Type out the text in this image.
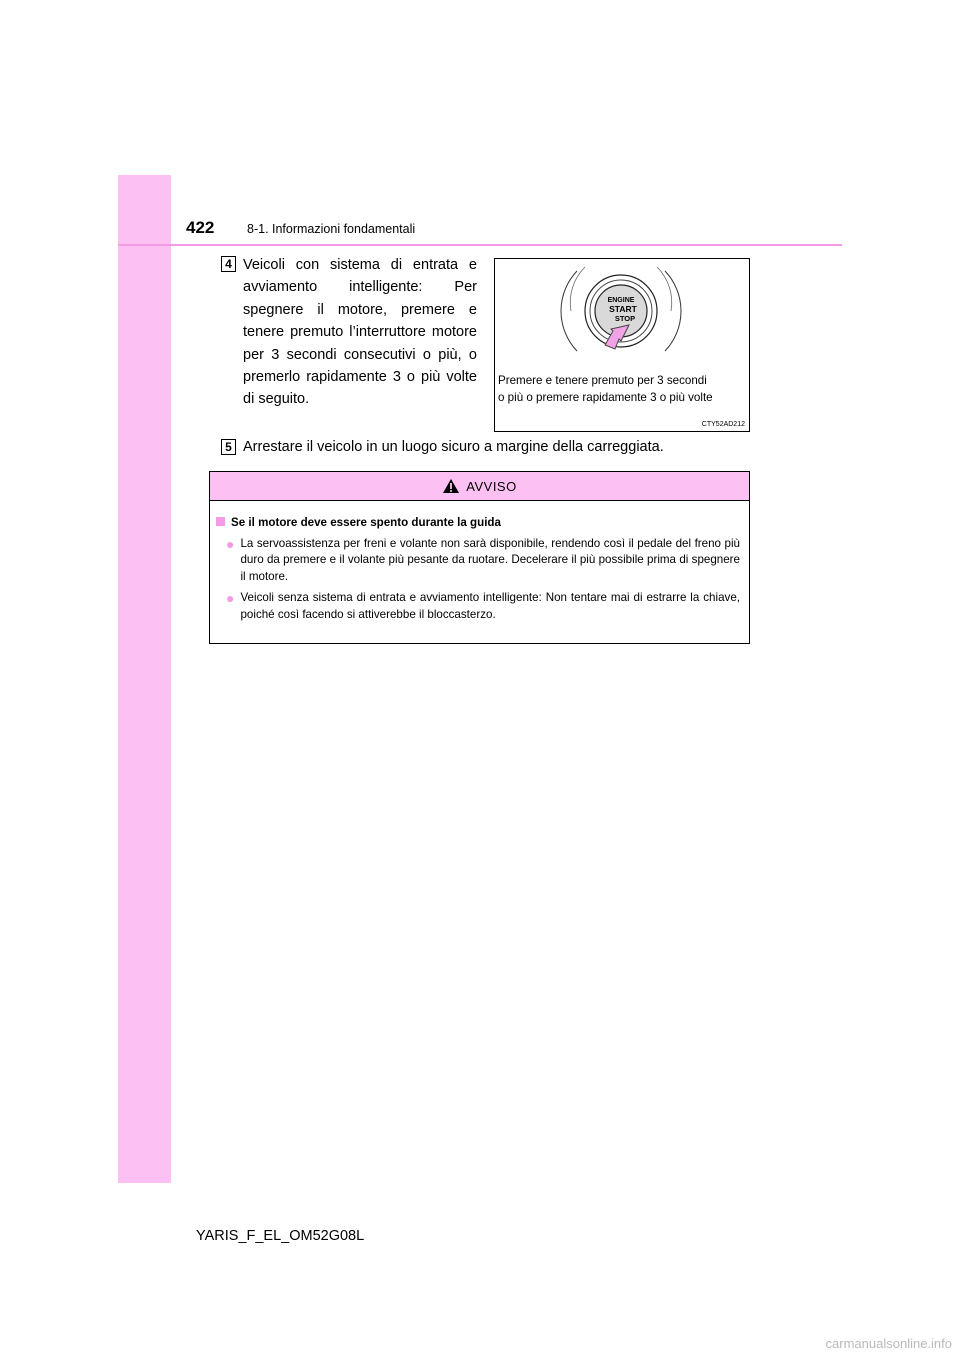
422	8-1. Informazioni fondamentali
4 Veicoli con sistema di entrata e avviamento intelligente: Per spegnere il motore, premere e tenere premuto l’interruttore motore per 3 secondi consecutivi o più, o premerlo rapidamente 3 o più volte di seguito.

ENGINE
START
STOP

Premere e tenere premuto per 3 secondi
o più o premere rapidamente 3 o più volte

CTY52AD212
5 Arrestare il veicolo in un luogo sicuro a margine della carreggiata.

AVVISO
Se il motore deve essere spento durante la guida
● La servoassistenza per freni e volante non sarà disponibile, rendendo così il pedale del freno più duro da premere e il volante più pesante da ruotare. Decelerare il più possibile prima di spegnere il motore.

● Veicoli senza sistema di entrata e avviamento intelligente: Non tentare mai di estrarre la chiave, poiché così facendo si attiverebbe il bloccasterzo.

YARIS_F_EL_OM52G08L
carmanualsonline.info
